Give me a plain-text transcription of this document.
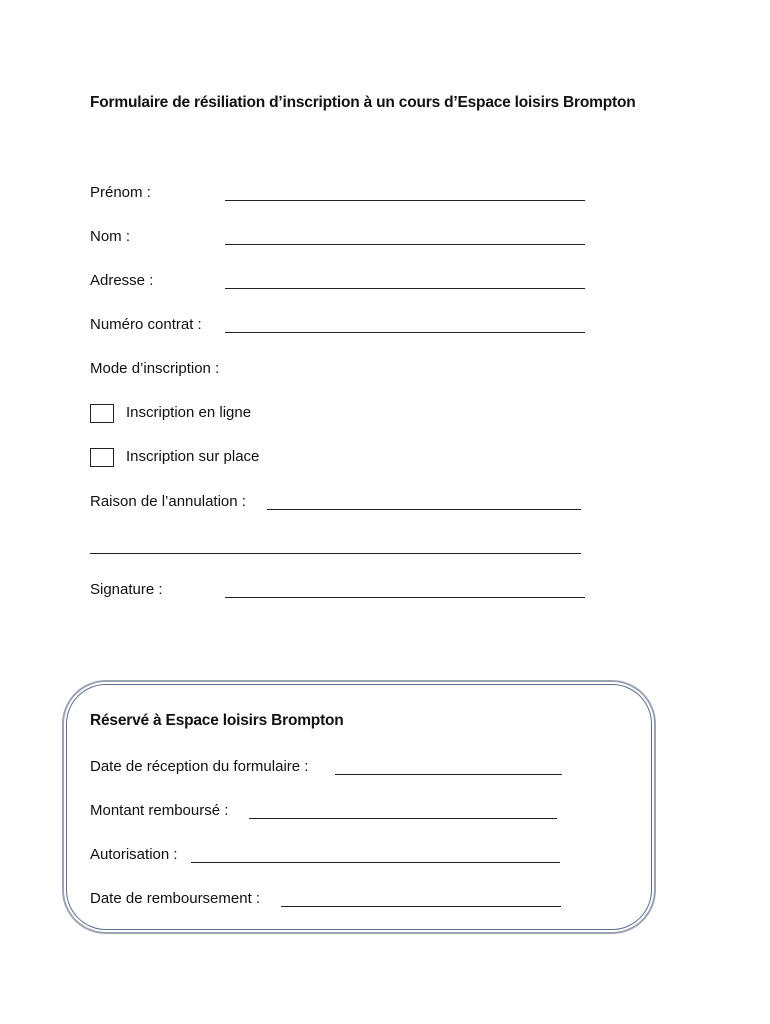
Formulaire de résiliation d’inscription à un cours d’Espace loisirs Brompton
Prénom :
Nom :
Adresse :
Numéro contrat :
Mode d’inscription :
Inscription en ligne
Inscription sur place
Raison de l’annulation :
Signature :
Réservé à Espace loisirs Brompton
Date de réception du formulaire :
Montant remboursé :
Autorisation :
Date de remboursement :
